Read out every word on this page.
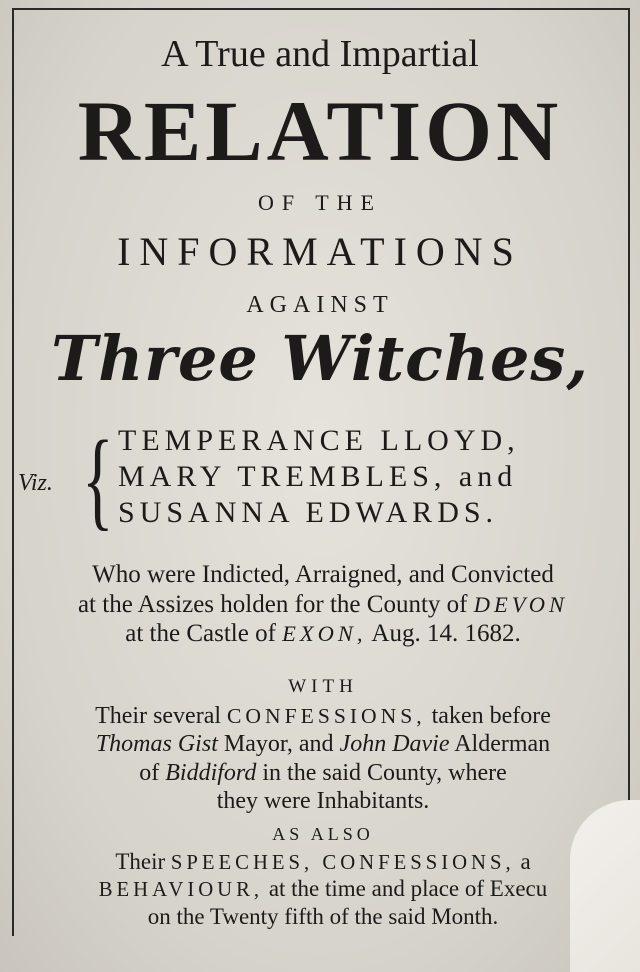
A True and Impartial
RELATION
OF THE
INFORMATIONS
AGAINST
Three Witches,
Viz. { TEMPERANCE LLOYD,
MARY TREMBLES, and
SUSANNA EDWARDS.
Who were Indicted, Arraigned, and Convicted
at the Assizes holden for the County of DEVON
at the Castle of EXON, Aug. 14. 1682.
WITH
Their several CONFESSIONS, taken before
Thomas Gist Mayor, and John Davie Alderman
of Biddiford in the said County, where
they were Inhabitants.
AS ALSO
Their SPEECHES, CONFESSIONS, a
BEHAVIOUR, at the time and place of Execu
on the Twenty fifth of the said Month.
